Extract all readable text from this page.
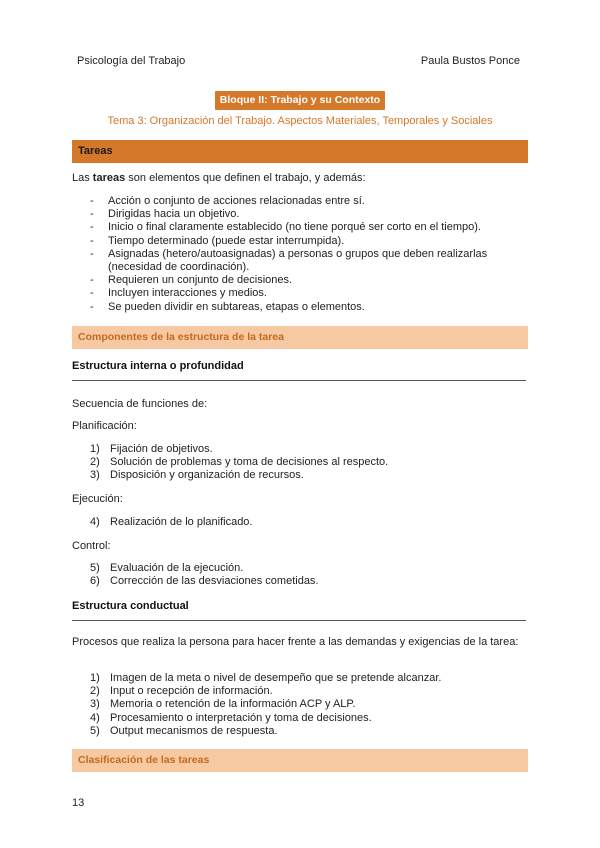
Psicología del Trabajo	Paula Bustos Ponce
Bloque II: Trabajo y su Contexto
Tema 3: Organización del Trabajo. Aspectos Materiales, Temporales y Sociales
Tareas
Las tareas son elementos que definen el trabajo, y además:
- Acción o conjunto de acciones relacionadas entre sí.
- Dirigidas hacia un objetivo.
- Inicio o final claramente establecido (no tiene porqué ser corto en el tiempo).
- Tiempo determinado (puede estar interrumpida).
- Asignadas (hetero/autoasignadas) a personas o grupos que deben realizarlas (necesidad de coordinación).
- Requieren un conjunto de decisiones.
- Incluyen interacciones y medios.
- Se pueden dividir en subtareas, etapas o elementos.
Componentes de la estructura de la tarea
Estructura interna o profundidad
Secuencia de funciones de:
Planificación:
1) Fijación de objetivos.
2) Solución de problemas y toma de decisiones al respecto.
3) Disposición y organización de recursos.
Ejecución:
4) Realización de lo planificado.
Control:
5) Evaluación de la ejecución.
6) Corrección de las desviaciones cometidas.
Estructura conductual
Procesos que realiza la persona para hacer frente a las demandas y exigencias de la tarea:
1) Imagen de la meta o nivel de desempeño que se pretende alcanzar.
2) Input o recepción de información.
3) Memoria o retención de la información ACP y ALP.
4) Procesamiento o interpretación y toma de decisiones.
5) Output mecanismos de respuesta.
Clasificación de las tareas
13
